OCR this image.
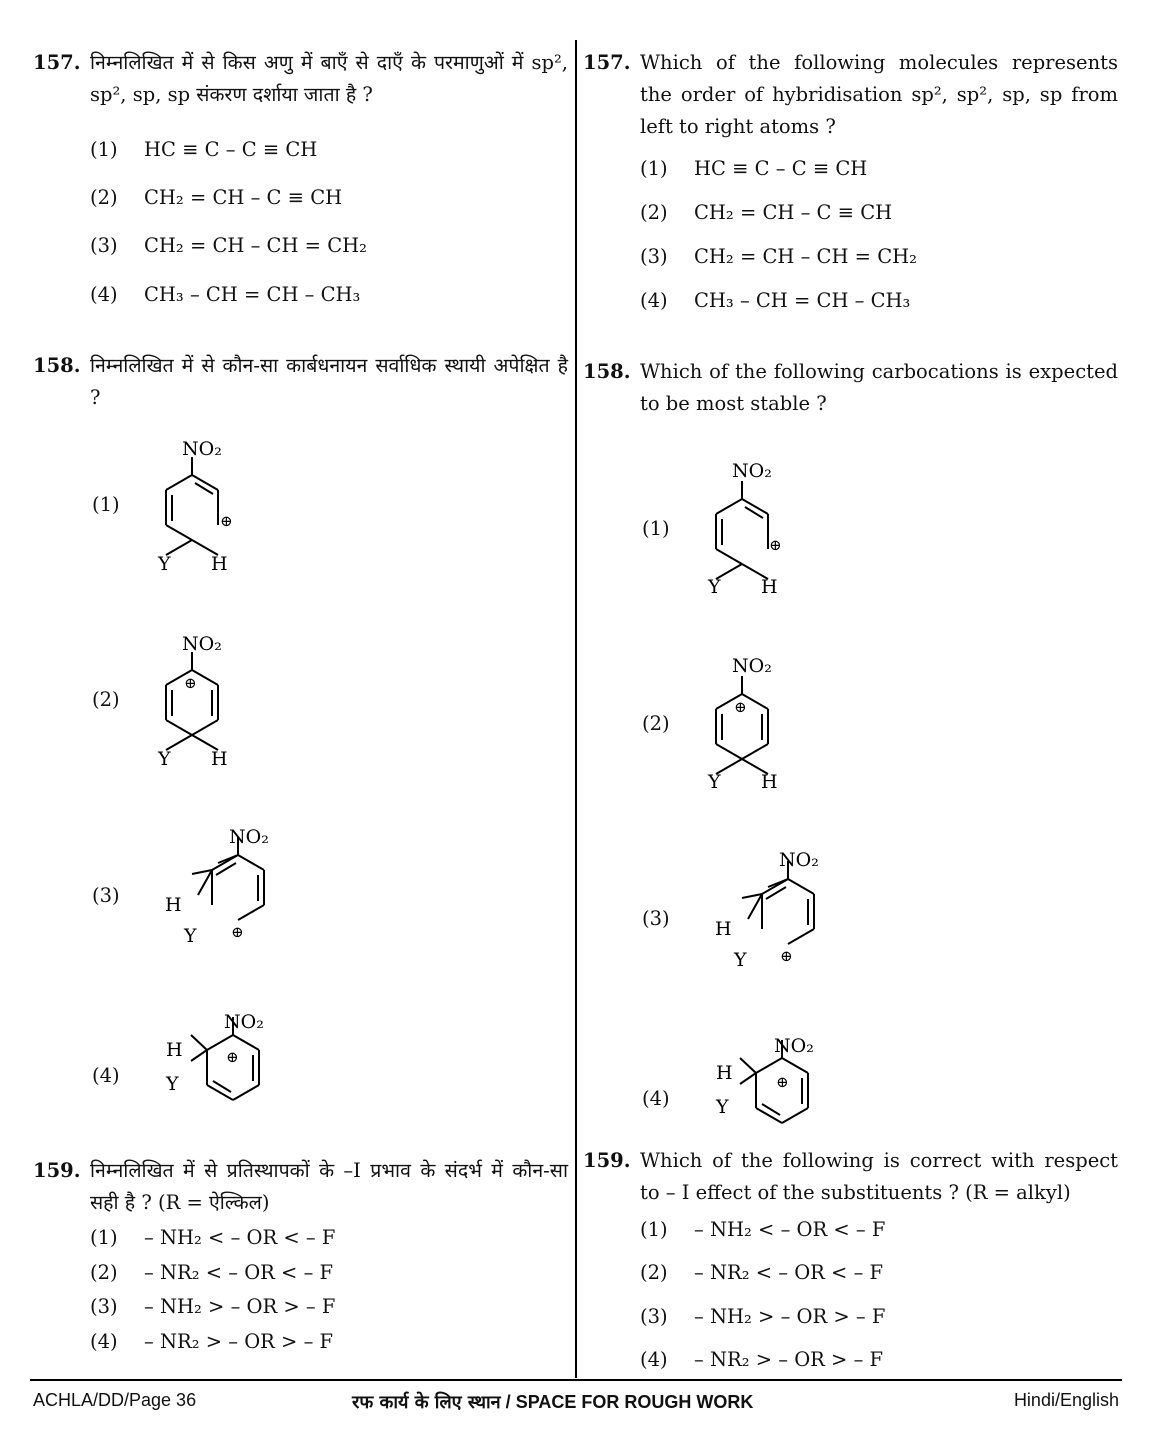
157. निम्नलिखित में से किस अणु में बाएँ से दाएँ के परमाणुओं में sp², sp², sp, sp संकरण दर्शाया जाता है ?
(1) HC ≡ C – C ≡ CH
(2) CH₂ = CH – C ≡ CH
(3) CH₂ = CH – CH = CH₂
(4) CH₃ – CH = CH – CH₃
158. निम्नलिखित में से कौन-सा कार्बधनायन सर्वाधिक स्थायी अपेक्षित है ?
(1)
(2)
(3)
(4)
159. निम्नलिखित में से प्रतिस्थापकों के –I प्रभाव के संदर्भ में कौन-सा सही है ? (R = ऐल्किल)
(1) – NH₂ < – OR < – F
(2) – NR₂ < – OR < – F
(3) – NH₂ > – OR > – F
(4) – NR₂ > – OR > – F
157. Which of the following molecules represents the order of hybridisation sp², sp², sp, sp from left to right atoms ?
(1) HC ≡ C – C ≡ CH
(2) CH₂ = CH – C ≡ CH
(3) CH₂ = CH – CH = CH₂
(4) CH₃ – CH = CH – CH₃
158. Which of the following carbocations is expected to be most stable ?
(1)
(2)
(3)
(4)
159. Which of the following is correct with respect to – I effect of the substituents ? (R = alkyl)
(1) – NH₂ < – OR < – F
(2) – NR₂ < – OR < – F
(3) – NH₂ > – OR > – F
(4) – NR₂ > – OR > – F
NO₂
⊕
Y H
NO₂
⊕
Y H
NO₂
⊕
H
Y
NO₂
⊕
H
Y
NO₂
⊕
Y H
NO₂
⊕
Y H
NO₂
⊕
H
Y
NO₂
⊕
H
Y
ACHLA/DD/Page 36	रफ कार्य के लिए स्थान / SPACE FOR ROUGH WORK	Hindi/English
